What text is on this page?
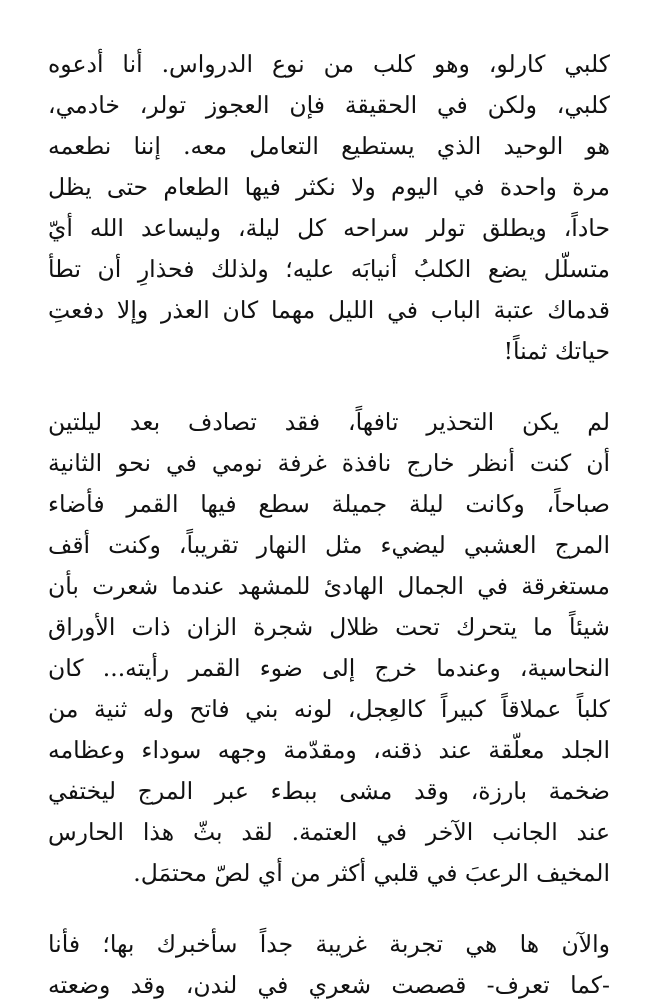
كلبي كارلو، وهو كلب من نوع الدرواس. أنا أدعوه
كلبي، ولكن في الحقيقة فإن العجوز تولر، خادمي،
هو الوحيد الذي يستطيع التعامل معه. إننا نطعمه
مرة واحدة في اليوم ولا نكثر فيها الطعام حتى يظل
حاداً، ويطلق تولر سراحه كل ليلة، وليساعد الله أيّ
متسلّل يضع الكلبُ أنيابَه عليه؛ ولذلك فحذارِ أن تطأ
قدماك عتبة الباب في الليل مهما كان العذر وإلا دفعتِ
حياتك ثمناً!

لم يكن التحذير تافهاً، فقد تصادف بعد ليلتين
أن كنت أنظر خارج نافذة غرفة نومي في نحو الثانية
صباحاً، وكانت ليلة جميلة سطع فيها القمر فأضاء
المرج العشبي ليضيء مثل النهار تقريباً، وكنت أقف
مستغرقة في الجمال الهادئ للمشهد عندما شعرت بأن
شيئاً ما يتحرك تحت ظلال شجرة الزان ذات الأوراق
النحاسية، وعندما خرج إلى ضوء القمر رأيته... كان
كلباً عملاقاً كبيراً كالعِجل، لونه بني فاتح وله ثنية من
الجلد معلّقة عند ذقنه، ومقدّمة وجهه سوداء وعظامه
ضخمة بارزة، وقد مشى ببطء عبر المرج ليختفي
عند الجانب الآخر في العتمة. لقد بثّ هذا الحارس
المخيف الرعبَ في قلبي أكثر من أي لصّ محتمَل.

والآن ها هي تجربة غريبة جداً سأخبرك بها؛ فأنا
-كما تعرف- قصصت شعري في لندن، وقد وضعته
